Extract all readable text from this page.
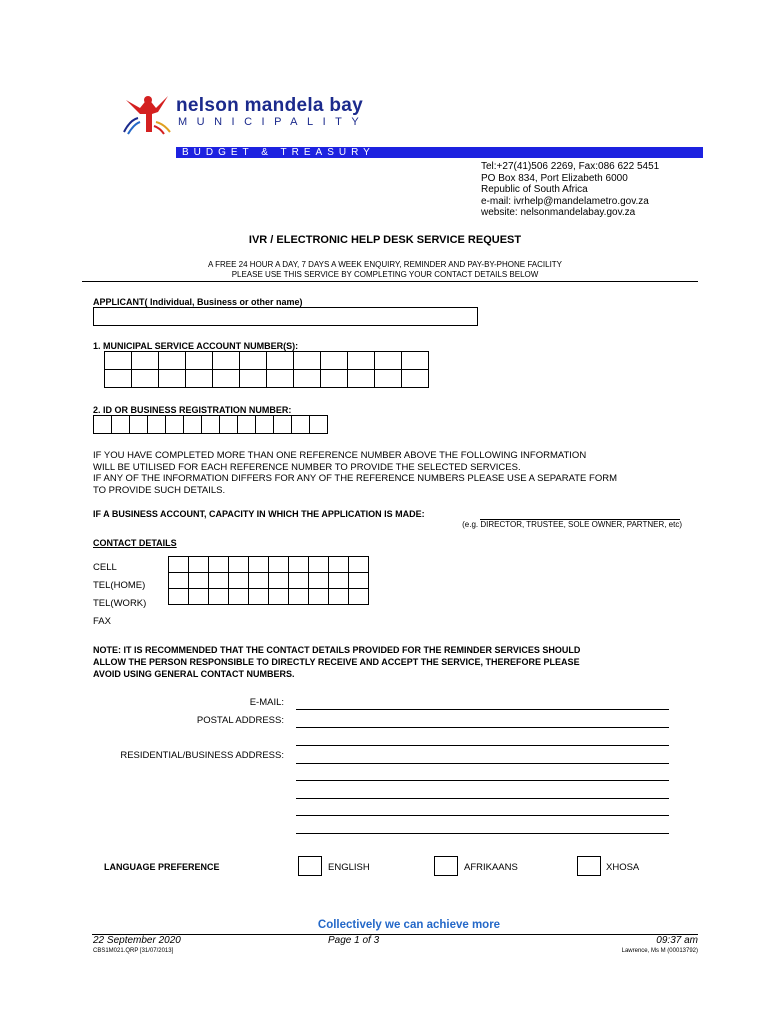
nelson mandela bay
MUNICIPALITY
BUDGET & TREASURY
Tel:+27(41)506 2269, Fax:086 622 5451
PO Box 834, Port Elizabeth 6000
Republic of South Africa
e-mail: ivrhelp@mandelametro.gov.za
website: nelsonmandelabay.gov.za
IVR / ELECTRONIC HELP DESK SERVICE REQUEST
A FREE 24 HOUR A DAY, 7 DAYS A WEEK ENQUIRY, REMINDER AND PAY-BY-PHONE FACILITY
PLEASE USE THIS SERVICE BY COMPLETING YOUR CONTACT DETAILS BELOW
APPLICANT( Individual, Business or other name)
1. MUNICIPAL SERVICE ACCOUNT NUMBER(S):

2. ID OR BUSINESS REGISTRATION NUMBER:

IF YOU HAVE COMPLETED MORE THAN ONE REFERENCE NUMBER ABOVE THE FOLLOWING INFORMATION
WILL BE UTILISED FOR EACH REFERENCE NUMBER TO PROVIDE THE SELECTED SERVICES.
IF ANY OF THE INFORMATION DIFFERS FOR ANY OF THE REFERENCE NUMBERS PLEASE USE A SEPARATE FORM
TO PROVIDE SUCH DETAILS.
IF A BUSINESS ACCOUNT, CAPACITY IN WHICH THE APPLICATION IS MADE:
(e.g. DIRECTOR, TRUSTEE, SOLE OWNER, PARTNER, etc)
CONTACT DETAILS
CELL
TEL(HOME)
TEL(WORK)
FAX

NOTE: IT IS RECOMMENDED THAT THE CONTACT DETAILS PROVIDED FOR THE REMINDER SERVICES SHOULD
ALLOW THE PERSON RESPONSIBLE TO DIRECTLY RECEIVE AND ACCEPT THE SERVICE, THEREFORE PLEASE
AVOID USING GENERAL CONTACT NUMBERS.
E-MAIL:
POSTAL ADDRESS:
RESIDENTIAL/BUSINESS ADDRESS:
LANGUAGE PREFERENCE	ENGLISH	AFRIKAANS	XHOSA
Collectively we can achieve more
22 September 2020	Page 1 of 3	09:37 am
CBS1M021.QRP [31/07/2013]	Lawrence, Ms M (00013792)
